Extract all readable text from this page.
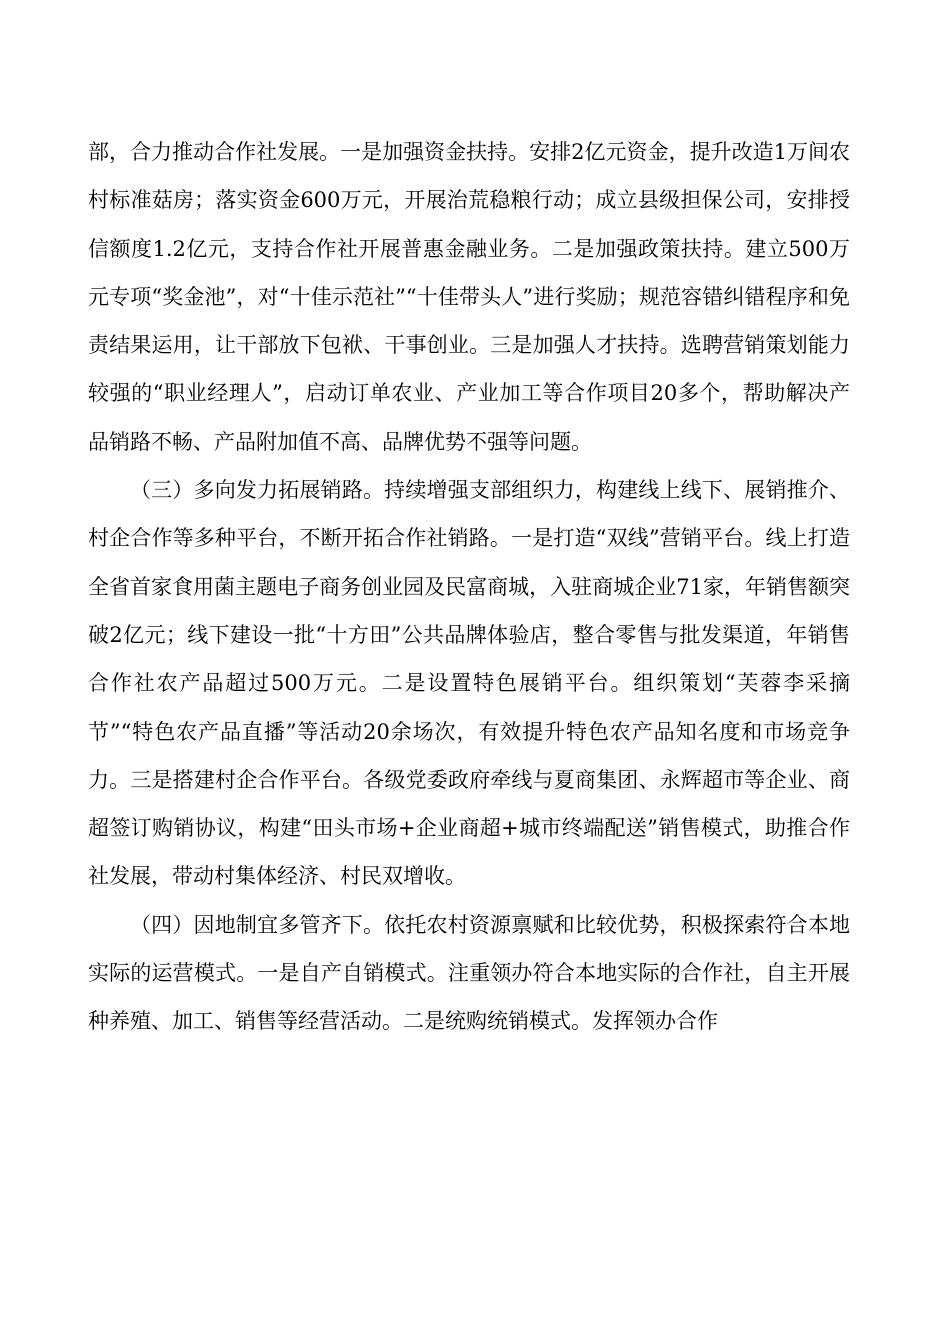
部，合力推动合作社发展。一是加强资金扶持。安排2亿元资金，提升改造1万间农村标准菇房；落实资金600万元，开展治荒稳粮行动；成立县级担保公司，安排授信额度1.2亿元，支持合作社开展普惠金融业务。二是加强政策扶持。建立500万元专项“奖金池”，对“十佳示范社”“十佳带头人”进行奖励；规范容错纠错程序和免责结果运用，让干部放下包袱、干事创业。三是加强人才扶持。选聘营销策划能力较强的“职业经理人”，启动订单农业、产业加工等合作项目20多个，帮助解决产品销路不畅、产品附加值不高、品牌优势不强等问题。

（三）多向发力拓展销路。持续增强支部组织力，构建线上线下、展销推介、村企合作等多种平台，不断开拓合作社销路。一是打造“双线”营销平台。线上打造全省首家食用菌主题电子商务创业园及民富商城，入驻商城企业71家，年销售额突破2亿元；线下建设一批“十方田”公共品牌体验店，整合零售与批发渠道，年销售合作社农产品超过500万元。二是设置特色展销平台。组织策划“芙蓉李采摘节”“特色农产品直播”等活动20余场次，有效提升特色农产品知名度和市场竞争力。三是搭建村企合作平台。各级党委政府牵线与夏商集团、永辉超市等企业、商超签订购销协议，构建“田头市场+企业商超+城市终端配送”销售模式，助推合作社发展，带动村集体经济、村民双增收。

（四）因地制宜多管齐下。依托农村资源禀赋和比较优势，积极探索符合本地实际的运营模式。一是自产自销模式。注重领办符合本地实际的合作社，自主开展种养殖、加工、销售等经营活动。二是统购统销模式。发挥领办合作
